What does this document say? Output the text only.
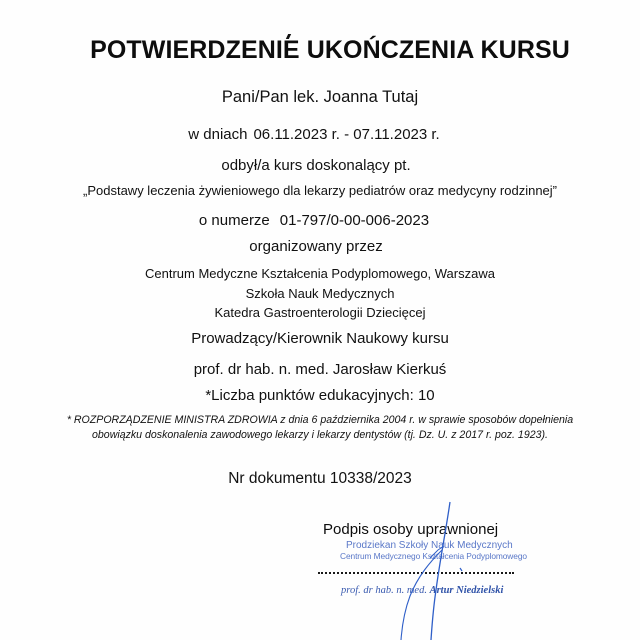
POTWIERDZENIE UKOŃCZENIA KURSU
Pani/Pan lek. Joanna Tutaj
w dniach 06.11.2023 r. - 07.11.2023 r.
odbył/a kurs doskonalący pt.
„Podstawy leczenia żywieniowego dla lekarzy pediatrów oraz medycyny rodzinnej”
o numerze 01-797/0-00-006-2023
organizowany przez
Centrum Medyczne Kształcenia Podyplomowego, Warszawa
Szkoła Nauk Medycznych
Katedra Gastroenterologii Dziecięcej
Prowadzący/Kierownik Naukowy kursu
prof. dr hab. n. med. Jarosław Kierkuś
*Liczba punktów edukacyjnych: 10
* ROZPORZĄDZENIE MINISTRA ZDROWIA z dnia 6 października 2004 r. w sprawie sposobów dopełnienia obowiązku doskonalenia zawodowego lekarzy i lekarzy dentystów (tj. Dz. U. z 2017 r. poz. 1923).
Nr dokumentu 10338/2023
Podpis osoby uprawnionej
Prodziekan Szkoły Nauk Medycznych
Centrum Medycznego Kształcenia Podyplomowego
prof. dr hab. n. med. Artur Niedzielski
